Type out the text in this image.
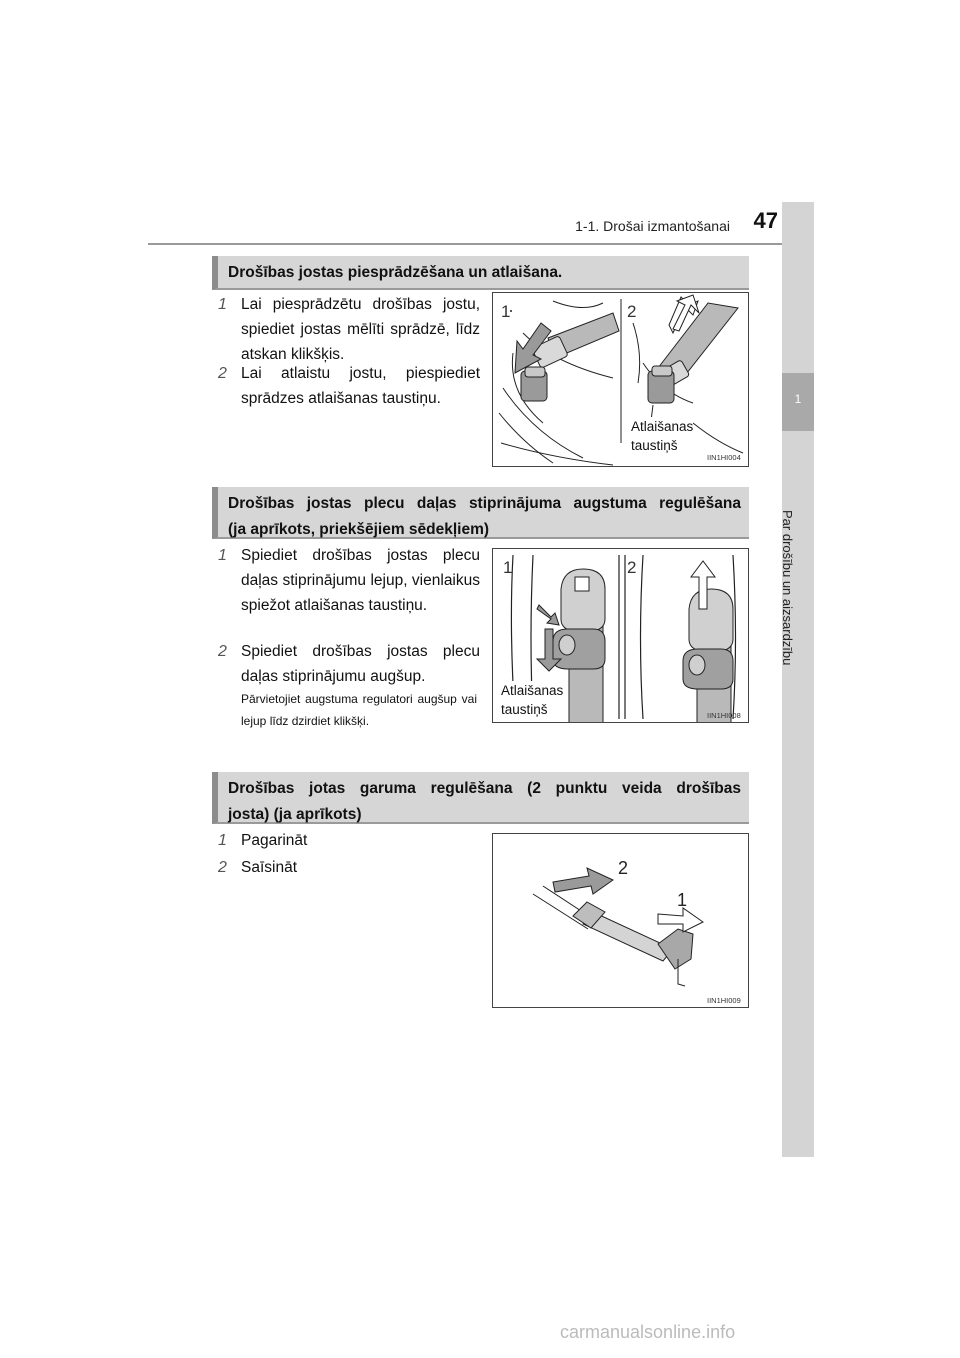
1-1. Drošai izmantošanai	47
1
Par drošību un aizsardzību
Drošības jostas piesprādzēšana un atlaišana.
1 Lai piesprādzētu drošības jostu, spiediet jostas mēlīti sprādzē, līdz atskan klikšķis.
2 Lai atlaistu jostu, piespiediet sprādzes atlaišanas taustiņu.
1	2
Atlaišanas
taustiņš
IIN1HI004
Drošības jostas plecu daļas stiprinājuma augstuma regulēšana
(ja aprīkots, priekšējiem sēdekļiem)
1 Spiediet drošības jostas plecu daļas stiprinājumu lejup, vienlaikus spiežot atlaišanas taustiņu.
2 Spiediet drošības jostas plecu daļas stiprinājumu augšup.
Pārvietojiet augstuma regulatori augšup vai lejup līdz dzirdiet klikšķi.
1	2
Atlaišanas
taustiņš	IIN1HI008
Drošības jotas garuma regulēšana (2 punktu veida drošības
josta) (ja aprīkots)
1 Pagarināt
2 Saīsināt	2
1
IIN1HI009
carmanualsonline.info
